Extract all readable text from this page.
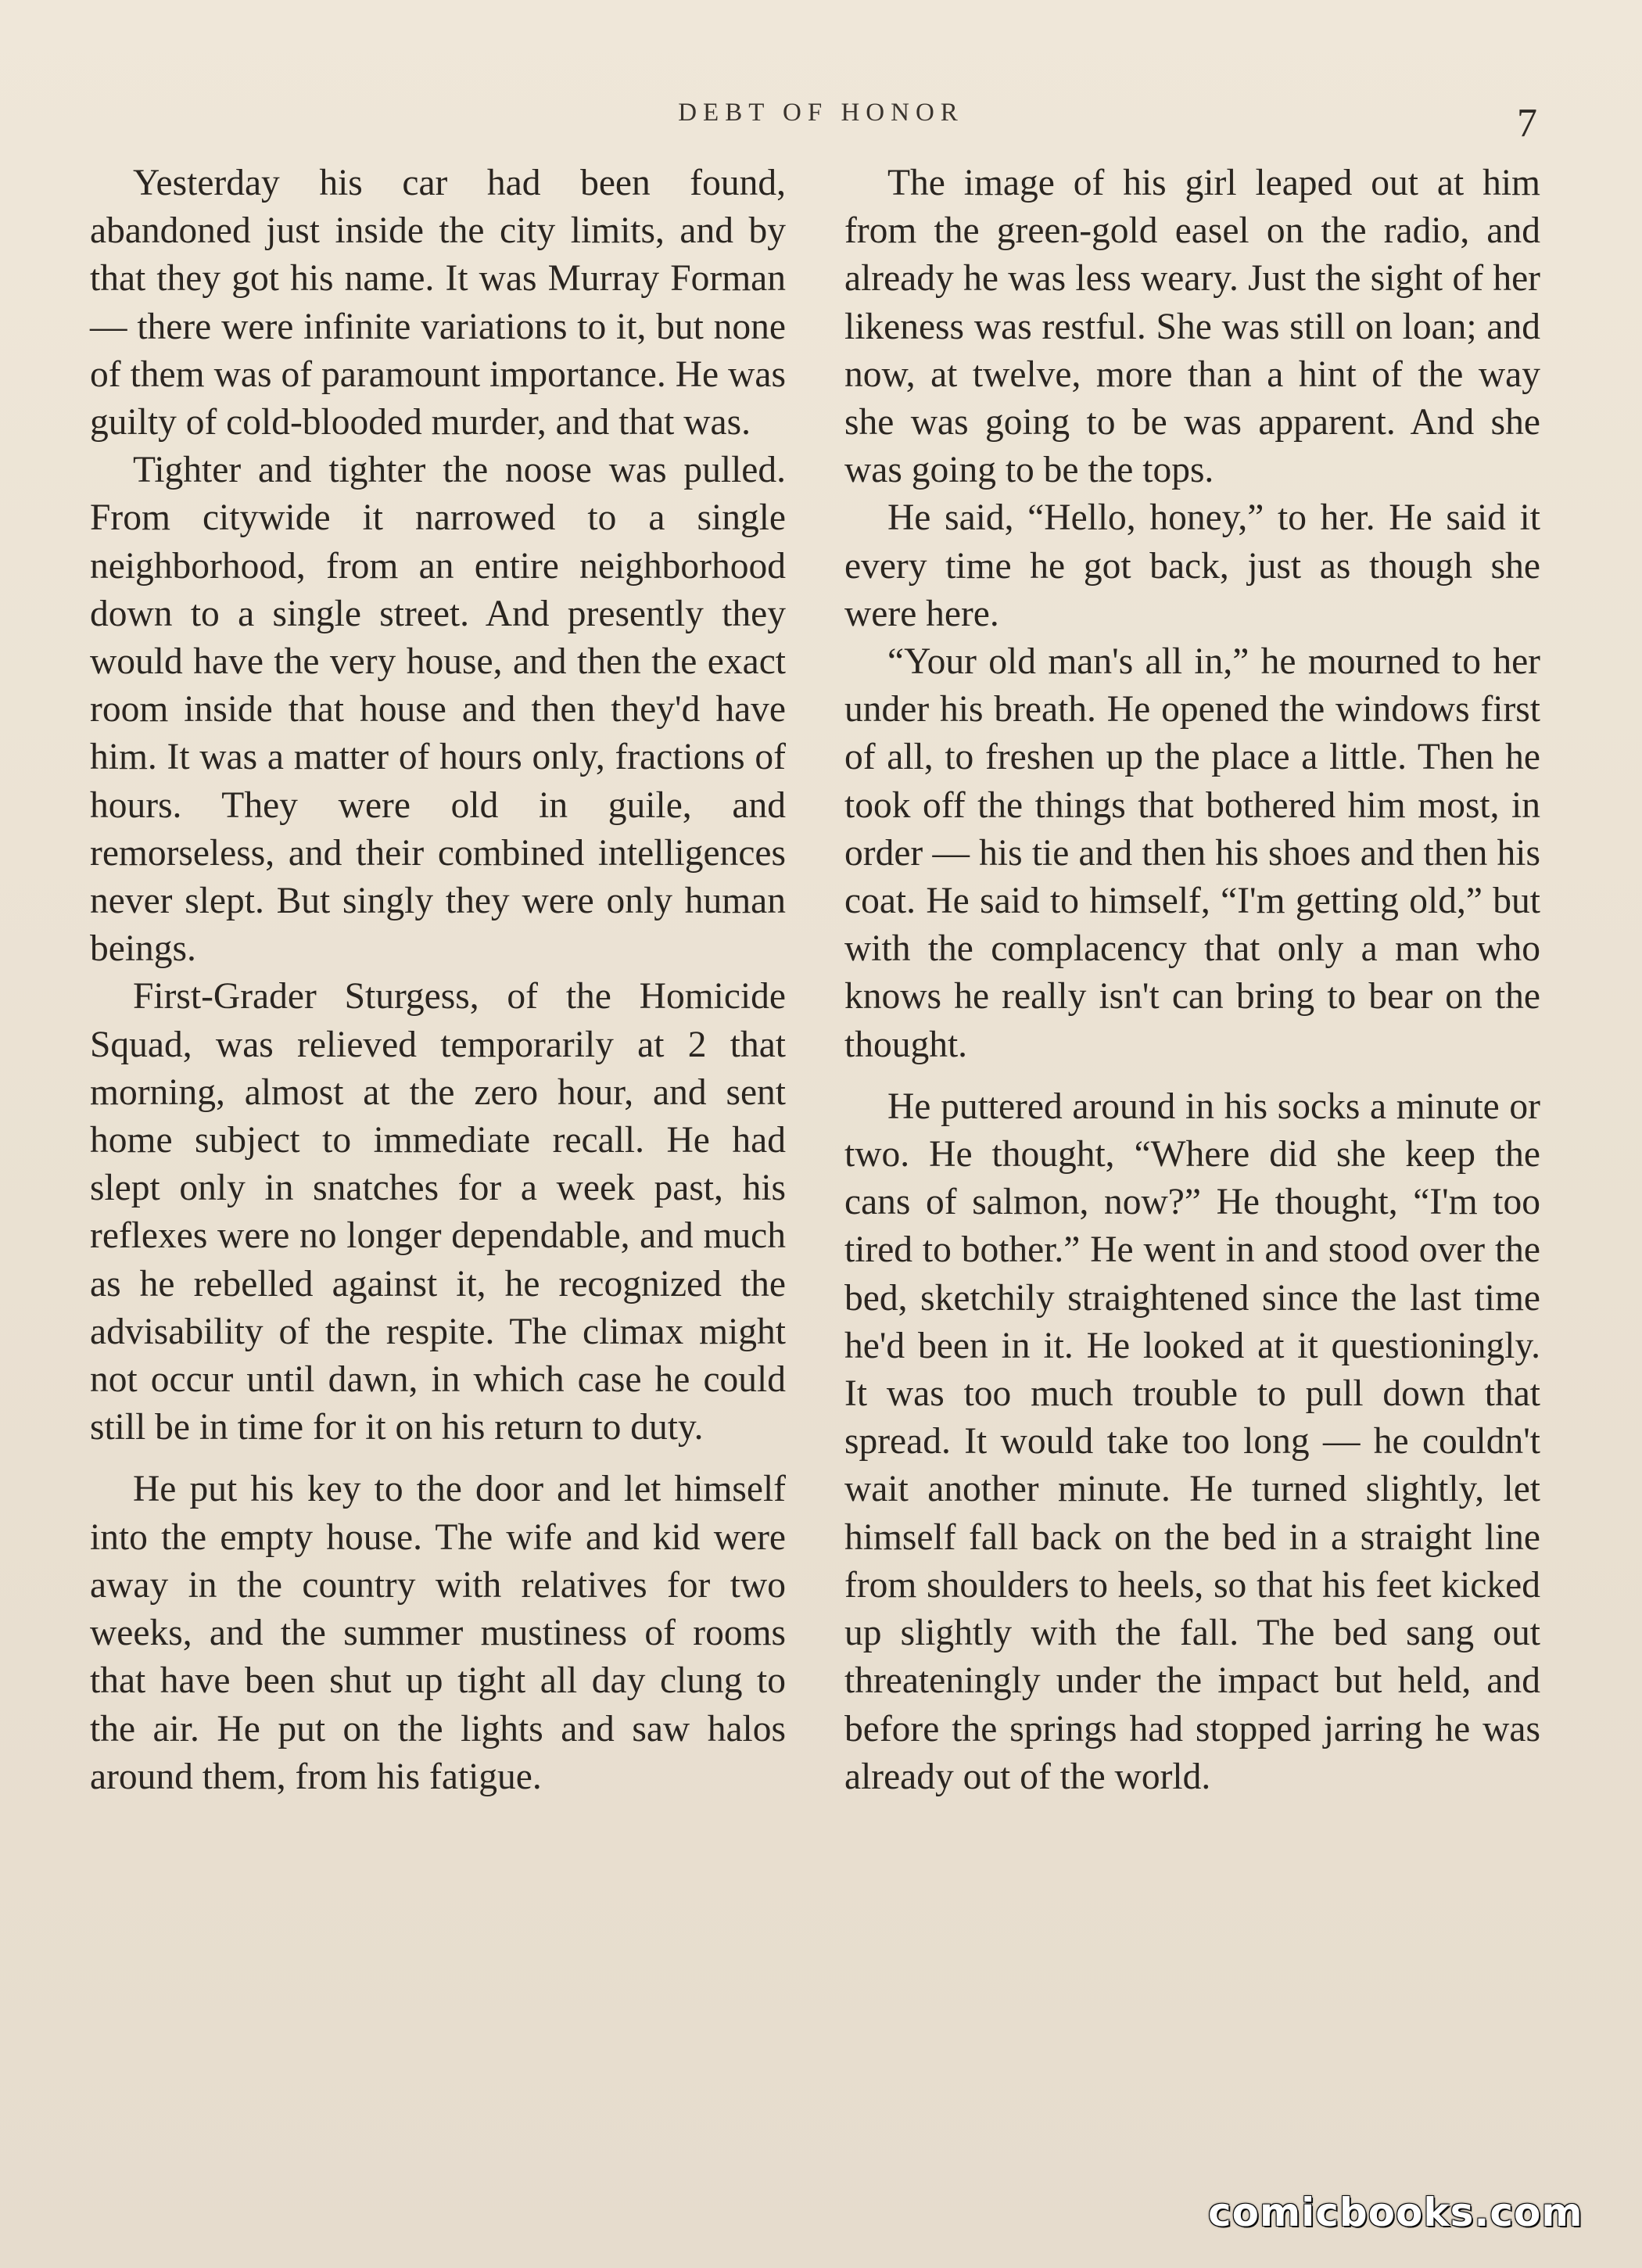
DEBT OF HONOR	7

Yesterday his car had been found, abandoned just inside the city limits, and by that they got his name. It was Murray Forman — there were infinite variations to it, but none of them was of paramount importance. He was guilty of cold-blooded murder, and that was.

Tighter and tighter the noose was pulled. From citywide it narrowed to a single neighborhood, from an entire neighborhood down to a single street. And presently they would have the very house, and then the exact room inside that house and then they'd have him. It was a matter of hours only, fractions of hours. They were old in guile, and remorseless, and their combined intelligences never slept. But singly they were only human beings.

First-Grader Sturgess, of the Homicide Squad, was relieved temporarily at 2 that morning, almost at the zero hour, and sent home subject to immediate recall. He had slept only in snatches for a week past, his reflexes were no longer dependable, and much as he rebelled against it, he recognized the advisability of the respite. The climax might not occur until dawn, in which case he could still be in time for it on his return to duty.

He put his key to the door and let himself into the empty house. The wife and kid were away in the country with relatives for two weeks, and the summer mustiness of rooms that have been shut up tight all day clung to the air. He put on the lights and saw halos around them, from his fatigue.

The image of his girl leaped out at him from the green-gold easel on the radio, and already he was less weary. Just the sight of her likeness was restful. She was still on loan; and now, at twelve, more than a hint of the way she was going to be was apparent. And she was going to be the tops.

He said, “Hello, honey,” to her. He said it every time he got back, just as though she were here.

“Your old man's all in,” he mourned to her under his breath. He opened the windows first of all, to freshen up the place a little. Then he took off the things that bothered him most, in order — his tie and then his shoes and then his coat. He said to himself, “I'm getting old,” but with the complacency that only a man who knows he really isn't can bring to bear on the thought.

He puttered around in his socks a minute or two. He thought, “Where did she keep the cans of salmon, now?” He thought, “I'm too tired to bother.” He went in and stood over the bed, sketchily straightened since the last time he'd been in it. He looked at it questioningly. It was too much trouble to pull down that spread. It would take too long — he couldn't wait another minute. He turned slightly, let himself fall back on the bed in a straight line from shoulders to heels, so that his feet kicked up slightly with the fall. The bed sang out threateningly under the impact but held, and before the springs had stopped jarring he was already out of the world.

comicbooks.com
